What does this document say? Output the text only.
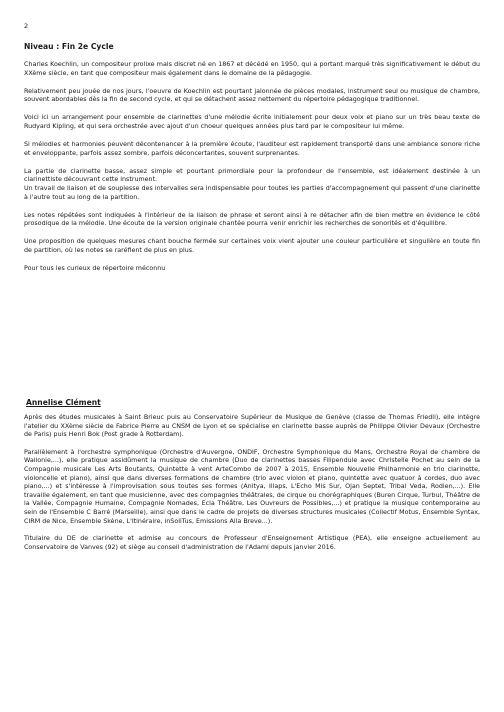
2
Niveau : Fin 2e Cycle

Charles Koechlin, un compositeur prolixe mais discret né en 1867 et décédé en 1950, qui a portant marqué très significativement le début du XXème siècle, en tant que compositeur mais également dans le domaine de la pédagogie.

Relativement peu jouée de nos jours, l'oeuvre de Koechlin est pourtant jalonnée de pièces modales, instrument seul ou musique de chambre, souvent abordables dès la fin de second cycle, et qui se détachent assez nettement du répertoire pédagogique traditionnel.

Voici ici un arrangement pour ensemble de clarinettes d'une mélodie écrite initialement pour deux voix et piano sur un très beau texte de Rudyard Kipling, et qui sera orchestrée avec ajout d'un choeur quelques années plus tard par le compositeur lui même.

Si mélodies et harmonies peuvent décontenancer à la première écoute, l'auditeur est rapidement transporté dans une ambiance sonore riche et enveloppante, parfois assez sombre, parfois déconcertantes, souvent surprenantes.

La partie de clarinette basse, assez simple et pourtant primordiale pour la profondeur de l'ensemble, est idéalement destinée à un clarinettiste découvrant cette instrument.

Un travail de liaison et de souplesse des intervalles sera indispensable pour toutes les parties d'accompagnement qui passent d'une clarinette à l'autre tout au long de la partition.

Les notes répétées sont indiquées à l'intérieur de la liaison de phrase et seront ainsi à re détacher afin de bien mettre en évidence le côté prosodique de la mélodie. Une écoute de la version originale chantée pourra venir enrichir les recherches de sonorités et d'équilibre.

Une proposition de quelques mesures chant bouche fermée sur certaines voix vient ajouter une couleur particulière et singulière en toute fin de partition, où les notes se raréfient de plus en plus.

Pour tous les curieux de répertoire méconnu

Annelise Clément

Après des études musicales à Saint Brieuc puis au Conservatoire Supérieur de Musique de Genève (classe de Thomas Friedli), elle intègre l'atelier du XXème siècle de Fabrice Pierre au CNSM de Lyon et se spécialise en clarinette basse auprès de Philippe Olivier Devaux (Orchestre de Paris) puis Henri Bok (Post grade à Rotterdam).

Parallèlement à l'orchestre symphonique (Orchestre d'Auvergne, ONDIF, Orchestre Symphonique du Mans, Orchestre Royal de chambre de Wallonie,...), elle pratique assidûment la musique de chambre (Duo de clarinettes basses Filipendule avec Christelle Pochet au sein de la Compagnie musicale Les Arts Boutants, Quintette à vent ArteCombo de 2007 à 2015, Ensemble Nouvelle Philharmonie en trio clarinette, violoncelle et piano), ainsi que dans diverses formations de chambre (trio avec violon et piano, quintette avec quatuor à cordes, duo avec piano,...) et s'intéresse à l'improvisation sous toutes ses formes (Anitya, Illaps, L'Echo Mis Sur, Ojan Septet, Tribal Veda, Rodien,...). Elle travaille également, en tant que musicienne, avec des compagnies théâtrales, de cirque ou chorégraphiques (Buren Cirque, Turbul, Théâtre de la Vallée, Compagnie Humaine, Compagnie Nomades, Ecla Théâtre, Les Ouvreurs de Possibles,...) et pratique la musique contemporaine au sein de l'Ensemble C Barré (Marseille), ainsi que dans le cadre de projets de diverses structures musicales (Collectif Motus, Ensemble Syntax, CIRM de Nice, Ensemble Skène, L'Itinéraire, inSoliTus, Emissions Alla Breve...).

Titulaire du DE de clarinette et admise au concours de Professeur d'Enseignement Artistique (PEA), elle enseigne actuellement au Conservatoire de Vanves (92) et siège au conseil d'administration de l'Adami depuis janvier 2016.
